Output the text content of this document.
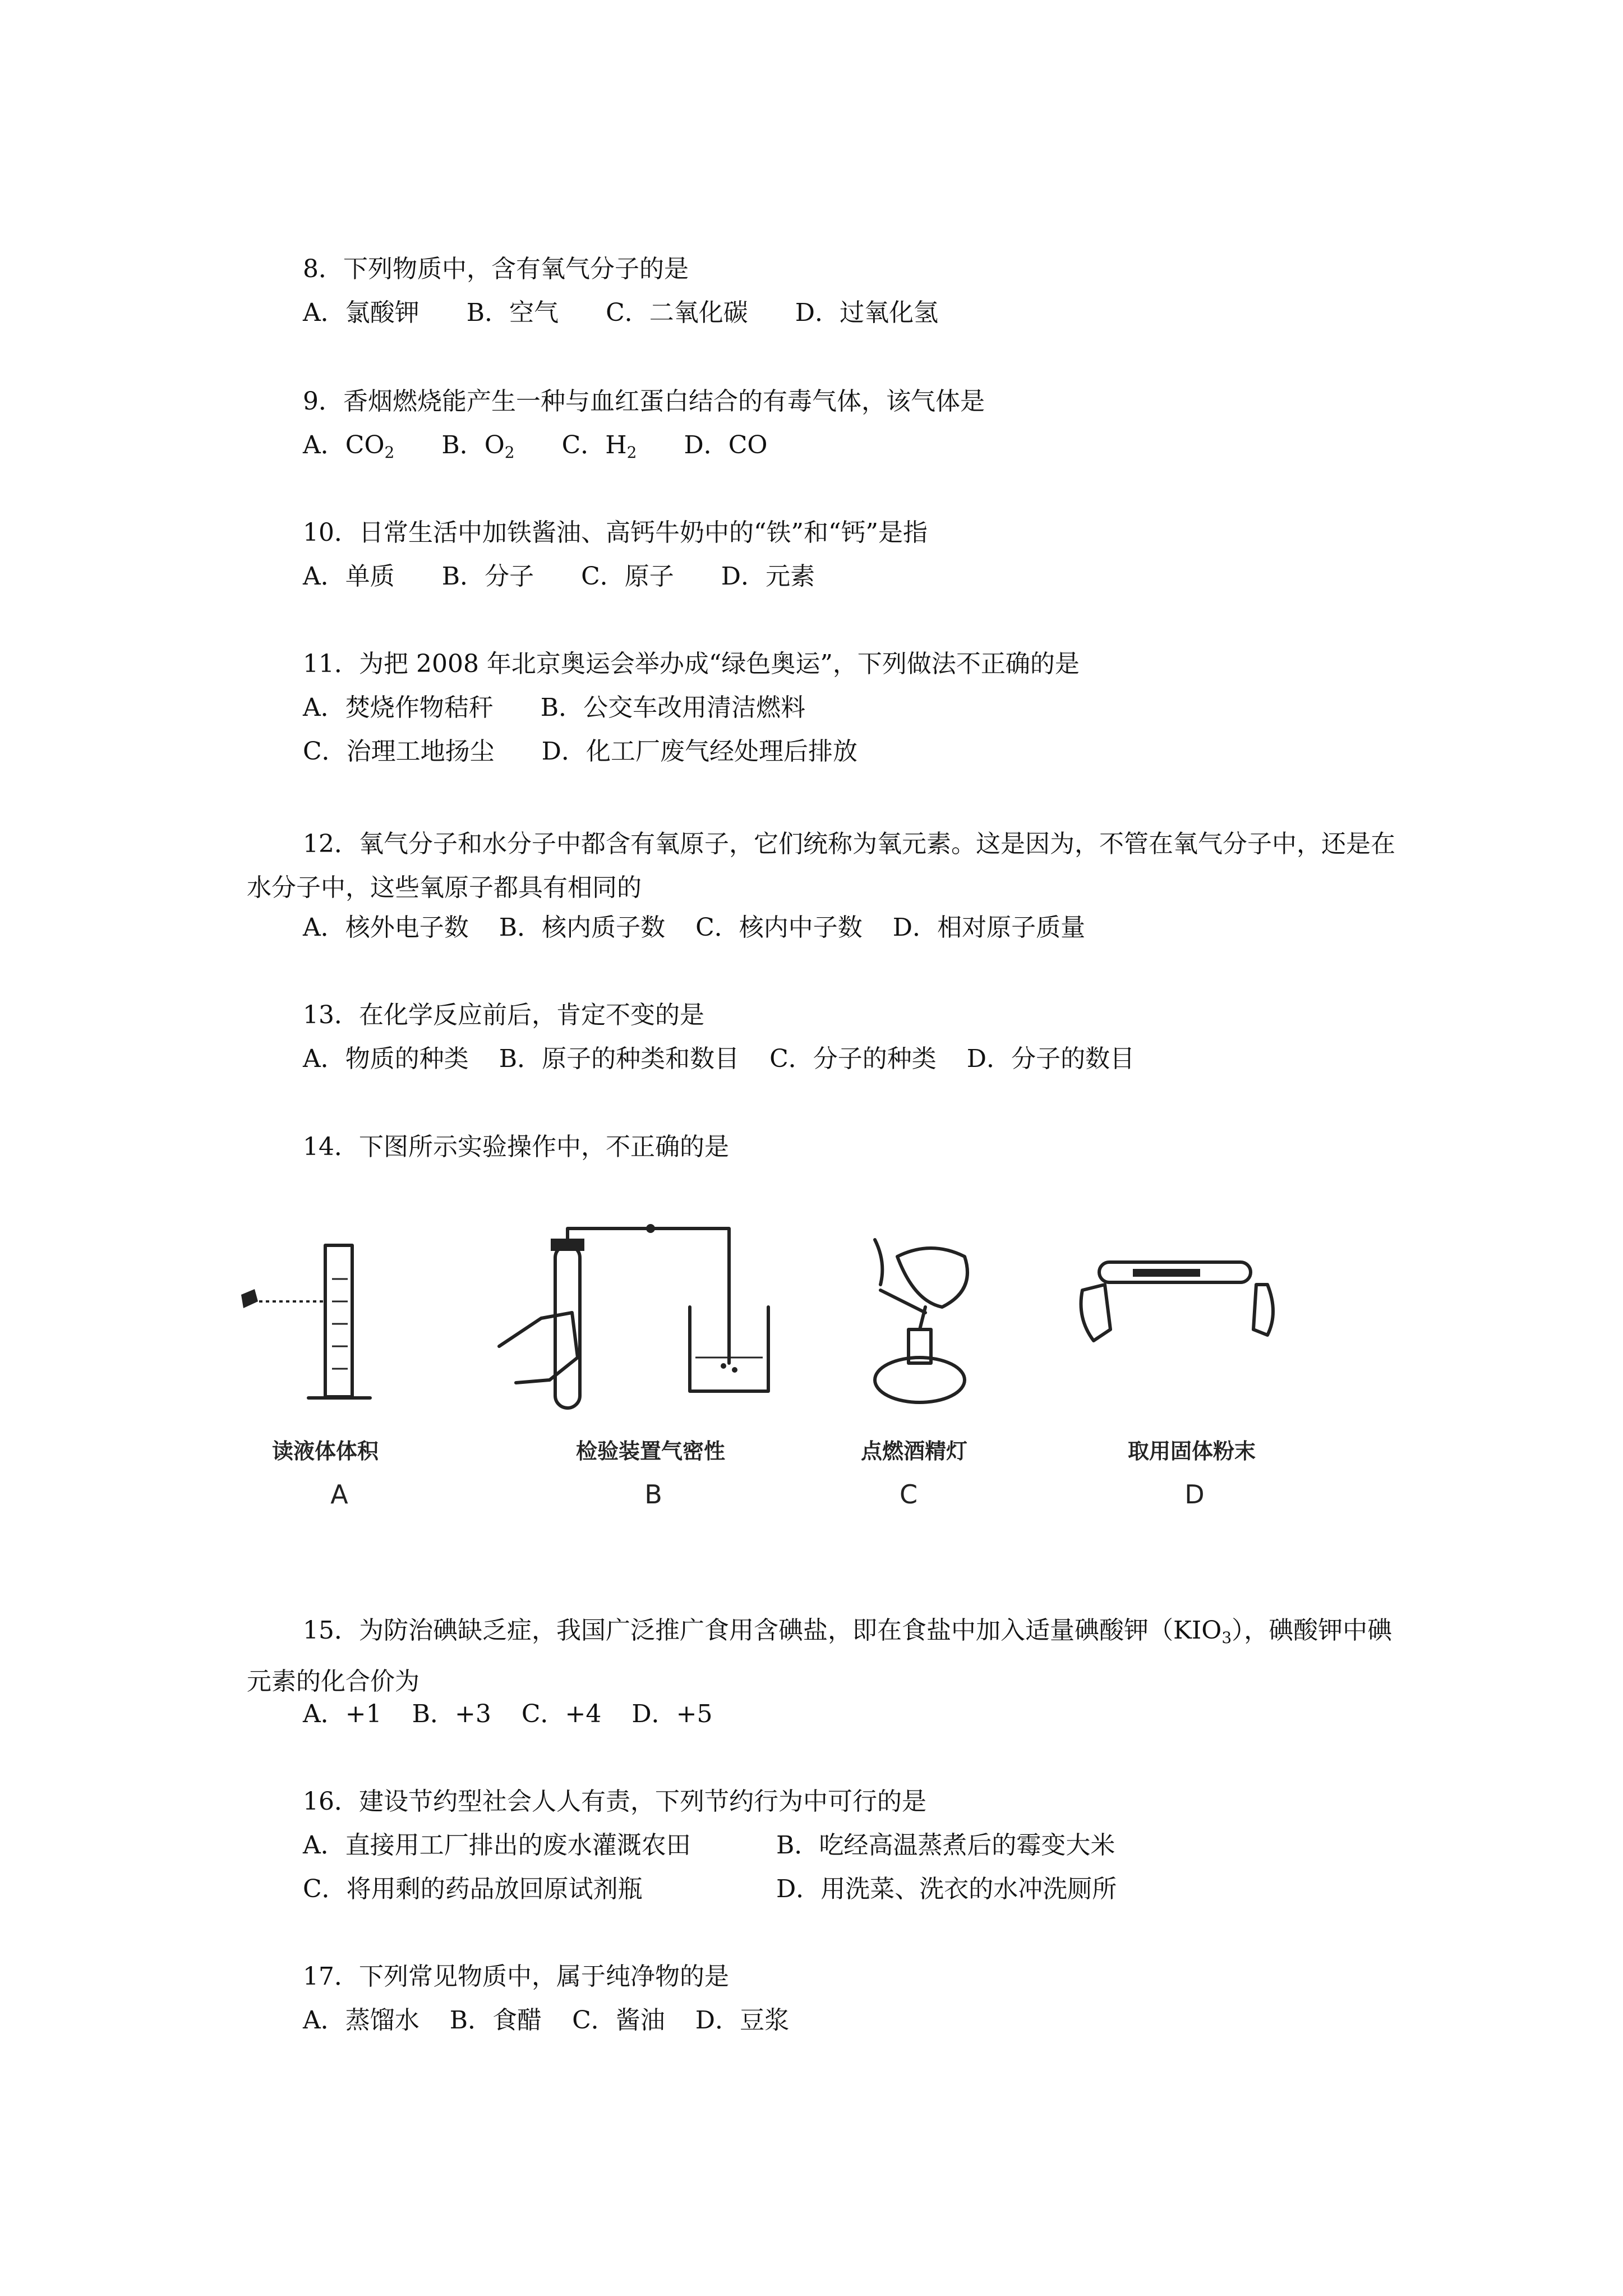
8．下列物质中，含有氧气分子的是

A．氯酸钾 B．空气 C．二氧化碳 D．过氧化氢

9．香烟燃烧能产生一种与血红蛋白结合的有毒气体，该气体是

A．$CO_2$ B．$O_2$ C．$H_2$ D．CO

10．日常生活中加铁酱油、高钙牛奶中的“铁”和“钙”是指

A．单质 B．分子 C．原子 D．元素

11．为把 2008 年北京奥运会举办成“绿色奥运”，下列做法不正确的是

A．焚烧作物秸秆 B．公交车改用清洁燃料
C．治理工地扬尘 D．化工厂废气经处理后排放

12．氧气分子和水分子中都含有氧原子，它们统称为氧元素。这是因为，不管在氧气分子中，还是在水分子中，这些氧原子都具有相同的

A．核外电子数 B．核内质子数 C．核内中子数 D．相对原子质量

13．在化学反应前后，肯定不变的是

A．物质的种类 B．原子的种类和数目 C．分子的种类 D．分子的数目

14．下图所示实验操作中，不正确的是

读液体体积
A
检验装置气密性
B
点燃酒精灯
C
取用固体粉末
D

15．为防治碘缺乏症，我国广泛推广食用含碘盐，即在食盐中加入适量碘酸钾$(KIO_3)$，碘酸钾中碘元素的化合价为

A．+1 B．+3 C．+4 D．+5

16．建设节约型社会人人有责，下列节约行为中可行的是

A．直接用工厂排出的废水灌溉农田	B．吃经高温蒸煮后的霉变大米
C．将用剩的药品放回原试剂瓶	D．用洗菜、洗衣的水冲洗厕所

17．下列常见物质中，属于纯净物的是

A．蒸馏水 B．食醋 C．酱油 D．豆浆
